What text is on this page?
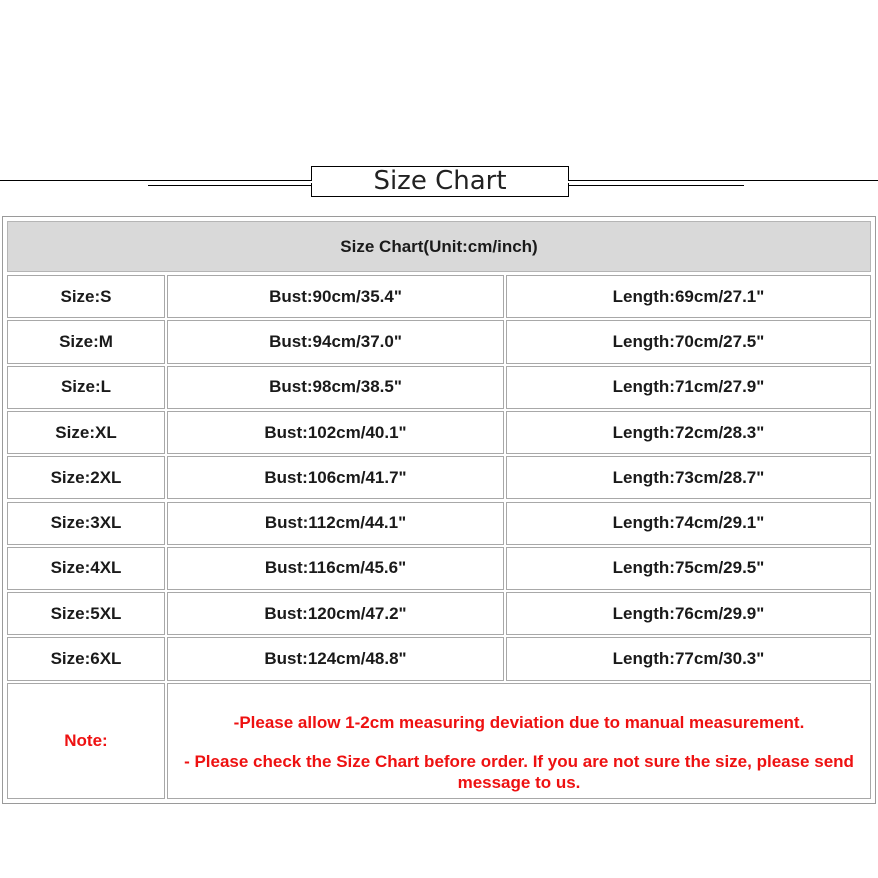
Size Chart
Size Chart(Unit:cm/inch)
Size:S	Bust:90cm/35.4"	Length:69cm/27.1"
Size:M	Bust:94cm/37.0"	Length:70cm/27.5"
Size:L	Bust:98cm/38.5"	Length:71cm/27.9"
Size:XL	Bust:102cm/40.1"	Length:72cm/28.3"
Size:2XL	Bust:106cm/41.7"	Length:73cm/28.7"
Size:3XL	Bust:112cm/44.1"	Length:74cm/29.1"
Size:4XL	Bust:116cm/45.6"	Length:75cm/29.5"
Size:5XL	Bust:120cm/47.2"	Length:76cm/29.9"
Size:6XL	Bust:124cm/48.8"	Length:77cm/30.3"
Note:
-Please allow 1-2cm measuring deviation due to manual measurement.
- Please check the Size Chart before order. If you are not sure the size, please send message to us.
